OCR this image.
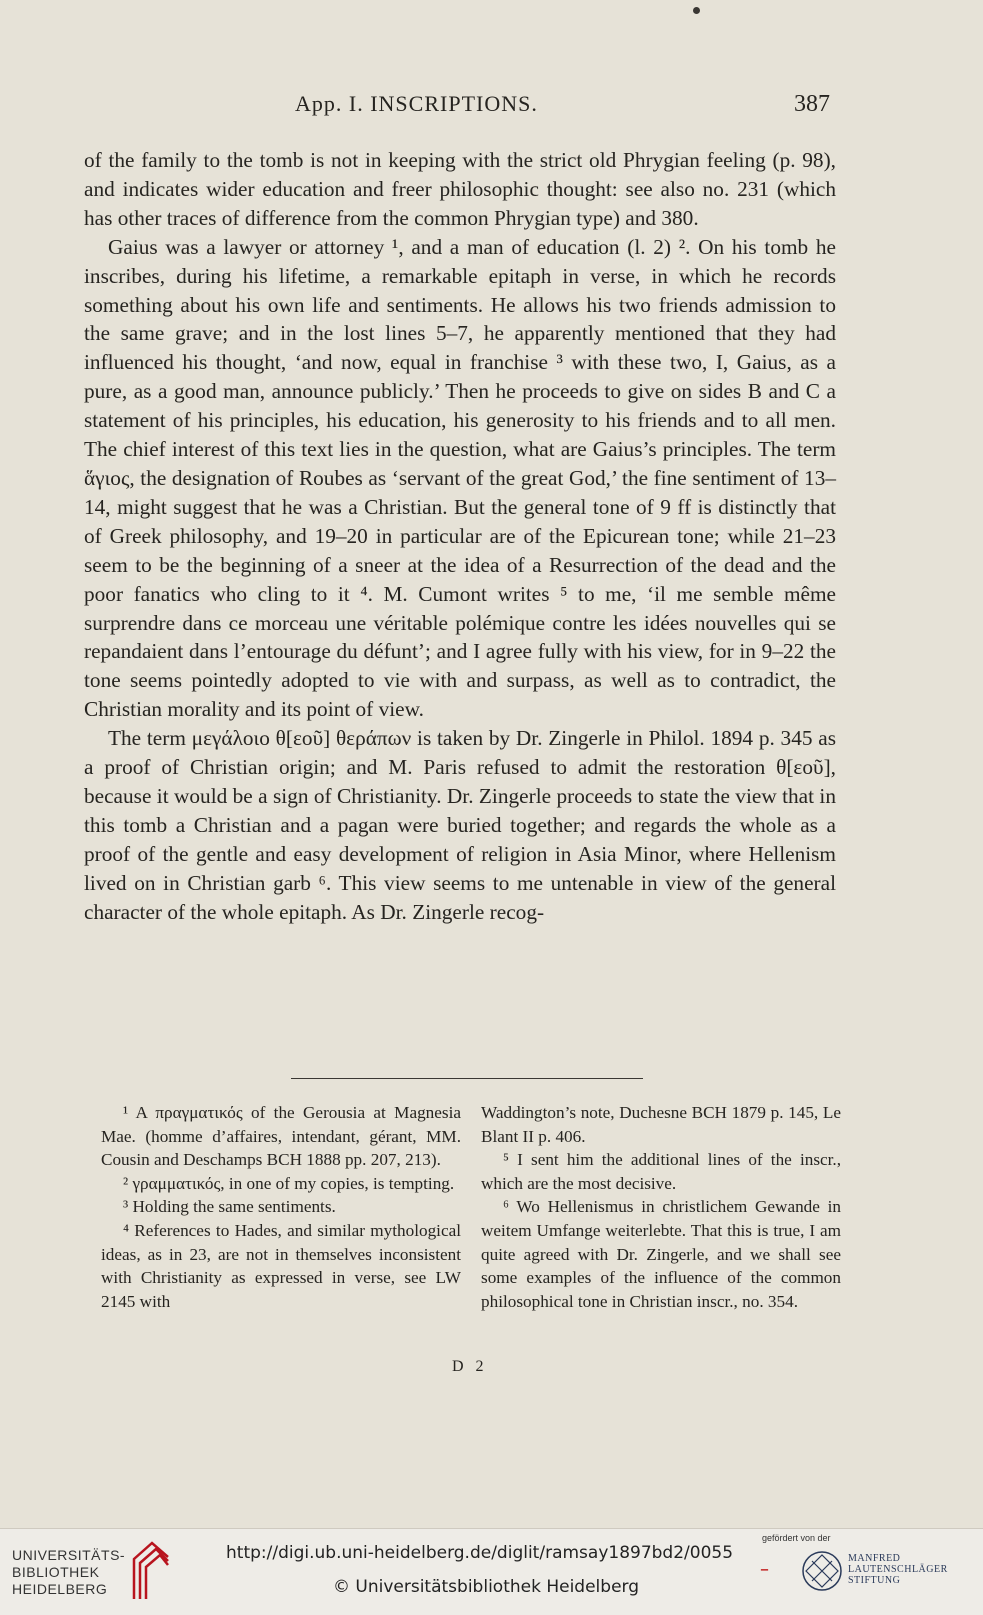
App. I. INSCRIPTIONS.	387

of the family to the tomb is not in keeping with the strict old Phrygian feeling (p. 98), and indicates wider education and freer philosophic thought: see also no. 231 (which has other traces of difference from the common Phrygian type) and 380.

Gaius was a lawyer or attorney ¹, and a man of education (l. 2) ². On his tomb he inscribes, during his lifetime, a remarkable epitaph in verse, in which he records something about his own life and sentiments. He allows his two friends admission to the same grave; and in the lost lines 5–7, he apparently mentioned that they had influenced his thought, ‘and now, equal in franchise ³ with these two, I, Gaius, as a pure, as a good man, announce publicly.’ Then he proceeds to give on sides B and C a statement of his principles, his education, his generosity to his friends and to all men. The chief interest of this text lies in the question, what are Gaius’s principles. The term ἅγιος, the designation of Roubes as ‘servant of the great God,’ the fine sentiment of 13–14, might suggest that he was a Christian. But the general tone of 9 ff is distinctly that of Greek philosophy, and 19–20 in particular are of the Epicurean tone; while 21–23 seem to be the beginning of a sneer at the idea of a Resurrection of the dead and the poor fanatics who cling to it ⁴. M. Cumont writes ⁵ to me, ‘il me semble même surprendre dans ce morceau une véritable polémique contre les idées nouvelles qui se repandaient dans l’entourage du défunt’; and I agree fully with his view, for in 9–22 the tone seems pointedly adopted to vie with and surpass, as well as to contradict, the Christian morality and its point of view.

The term μεγάλοιο θ[εοῦ] θεράπων is taken by Dr. Zingerle in Philol. 1894 p. 345 as a proof of Christian origin; and M. Paris refused to admit the restoration θ[εοῦ], because it would be a sign of Christianity. Dr. Zingerle proceeds to state the view that in this tomb a Christian and a pagan were buried together; and regards the whole as a proof of the gentle and easy development of religion in Asia Minor, where Hellenism lived on in Christian garb ⁶. This view seems to me untenable in view of the general character of the whole epitaph. As Dr. Zingerle recog-

¹ A πραγματικός of the Gerousia at Magnesia Mae. (homme d’affaires, intendant, gérant, MM. Cousin and Deschamps BCH 1888 pp. 207, 213).

² γραμματικός, in one of my copies, is tempting.

³ Holding the same sentiments.

⁴ References to Hades, and similar mythological ideas, as in 23, are not in themselves inconsistent with Christianity as expressed in verse, see LW 2145 with

Waddington’s note, Duchesne BCH 1879 p. 145, Le Blant II p. 406.

⁵ I sent him the additional lines of the inscr., which are the most decisive.

⁶ Wo Hellenismus in christlichem Gewande in weitem Umfange weiterlebte. That this is true, I am quite agreed with Dr. Zingerle, and we shall see some examples of the influence of the common philosophical tone in Christian inscr., no. 354.

D 2
UNIVERSITÄTS-
BIBLIOTHEK
HEIDELBERG
http://digi.ub.uni-heidelberg.de/diglit/ramsay1897bd2/0055
© Universitätsbibliothek Heidelberg
–
gefördert von der
MANFRED
LAUTENSCHLÄGER
STIFTUNG
